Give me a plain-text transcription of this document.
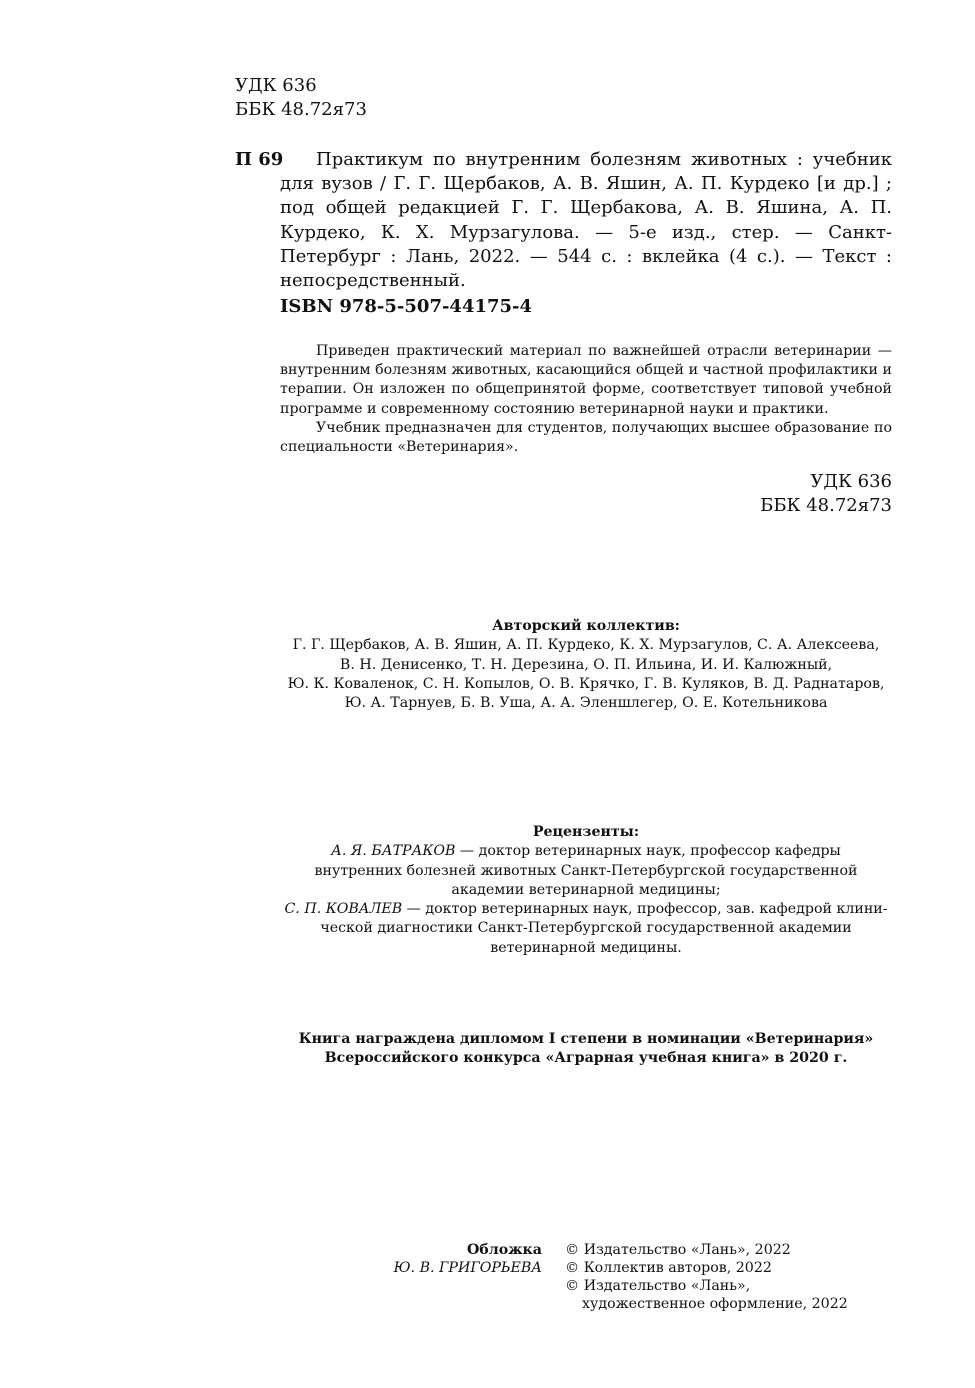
УДК 636
ББК 48.72я73
П 69	Практикум по внутренним болезням животных : учебник для вузов / Г. Г. Щербаков, А. В. Яшин, А. П. Курдеко [и др.] ; под общей редакцией Г. Г. Щербакова, А. В. Яшина, А. П. Курдеко, К. Х. Мурзагулова. — 5-е изд., стер. — Санкт-Петербург : Лань, 2022. — 544 с. : вклейка (4 с.). — Текст : непосредственный.
ISBN 978-5-507-44175-4

Приведен практический материал по важнейшей отрасли ветеринарии — внутренним болезням животных, касающийся общей и частной профилактики и терапии. Он изложен по общепринятой форме, соответствует типовой учебной программе и современному состоянию ветеринарной науки и практики.

Учебник предназначен для студентов, получающих высшее образование по специальности «Ветеринария».

УДК 636
ББК 48.72я73
Авторский коллектив:
Г. Г. Щербаков, А. В. Яшин, А. П. Курдеко, К. Х. Мурзагулов, С. А. Алексеева,
В. Н. Денисенко, Т. Н. Дерезина, О. П. Ильина, И. И. Калюжный,
Ю. К. Коваленок, С. Н. Копылов, О. В. Крячко, Г. В. Куляков, В. Д. Раднатаров,
Ю. А. Тарнуев, Б. В. Уша, А. А. Эленшлегер, О. Е. Котельникова
Рецензенты:
А. Я. БАТРАКОВ — доктор ветеринарных наук, профессор кафедры
внутренних болезней животных Санкт-Петербургской государственной
академии ветеринарной медицины;
С. П. КОВАЛЕВ — доктор ветеринарных наук, профессор, зав. кафедрой клини-
ческой диагностики Санкт-Петербургской государственной академии
ветеринарной медицины.
Книга награждена дипломом I степени в номинации «Ветеринария»
Всероссийского конкурса «Аграрная учебная книга» в 2020 г.
Обложка
Ю. В. ГРИГОРЬЕВА
© Издательство «Лань», 2022
© Коллектив авторов, 2022
© Издательство «Лань»,
художественное оформление, 2022
